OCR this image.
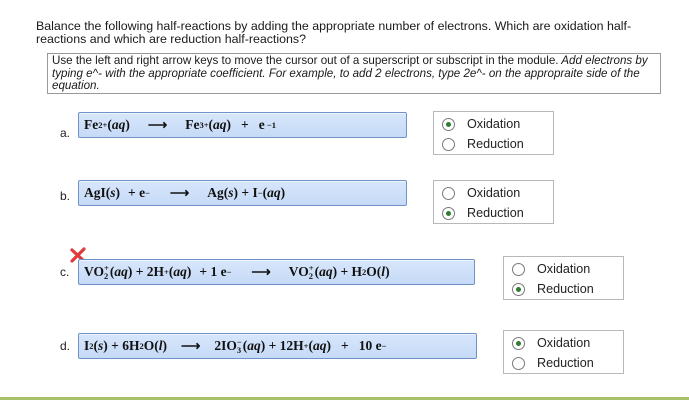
Balance the following half-reactions by adding the appropriate number of electrons. Which are oxidation half-reactions and which are reduction half-reactions?
Use the left and right arrow keys to move the cursor out of a superscript or subscript in the module. Add electrons by typing e^- with the appropriate coefficient. For example, to add 2 electrons, type 2e^- on the appropraite side of the equation.
a.
Fe 2+ ( aq ) ⟶ Fe 3+ ( aq ) + e −1	Oxidation
Reduction
b.	AgI( s ) + e − ⟶ Ag( s ) + I − ( aq )	Oxidation
Reduction
c.	VO +
2 ( aq ) + 2H + ( aq ) + 1 e − ⟶ VO +
2 ( aq ) + H 2 O( l )	Oxidation
Reduction
d.	I 2 ( s ) + 6H 2 O( l ) ⟶ 2IO −
3 ( aq ) + 12H + ( aq ) + 10 e −	Oxidation
Reduction
